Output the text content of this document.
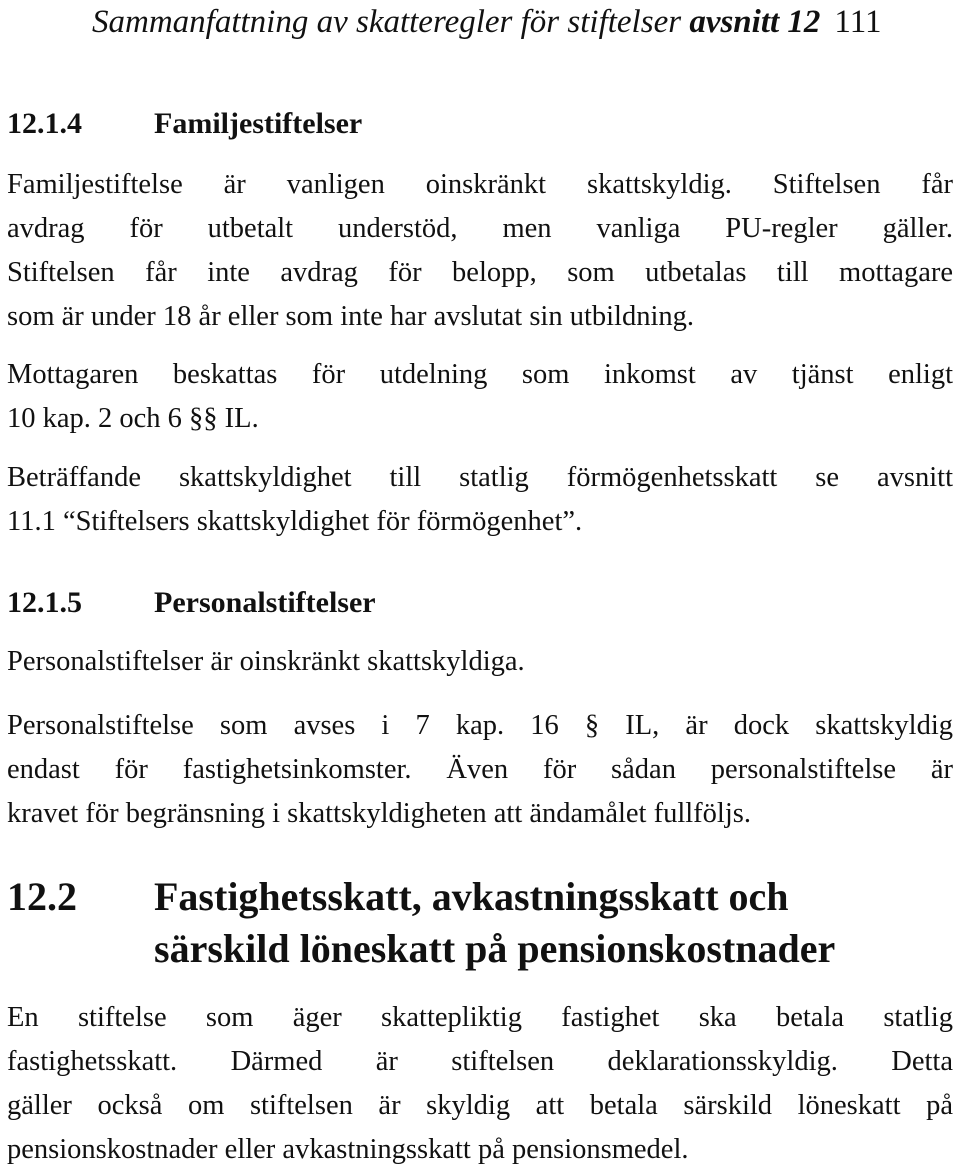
Sammanfattning av skatteregler för stiftelser avsnitt 12 111
12.1.4 Familjestiftelser

Familjestiftelse är vanligen oinskränkt skattskyldig. Stiftelsen får
avdrag för utbetalt understöd, men vanliga PU-regler gäller.
Stiftelsen får inte avdrag för belopp, som utbetalas till mottagare
som är under 18 år eller som inte har avslutat sin utbildning.

Mottagaren beskattas för utdelning som inkomst av tjänst enligt
10 kap. 2 och 6 §§ IL.

Beträffande skattskyldighet till statlig förmögenhetsskatt se avsnitt
11.1 “Stiftelsers skattskyldighet för förmögenhet”.

12.1.5 Personalstiftelser

Personalstiftelser är oinskränkt skattskyldiga.

Personalstiftelse som avses i 7 kap. 16 § IL, är dock skattskyldig
endast för fastighetsinkomster. Även för sådan personalstiftelse är
kravet för begränsning i skattskyldigheten att ändamålet fullföljs.

12.2 Fastighetsskatt, avkastningsskatt och
särskild löneskatt på pensionskostnader

En stiftelse som äger skattepliktig fastighet ska betala statlig
fastighetsskatt. Därmed är stiftelsen deklarationsskyldig. Detta
gäller också om stiftelsen är skyldig att betala särskild löneskatt på
pensionskostnader eller avkastningsskatt på pensionsmedel.
